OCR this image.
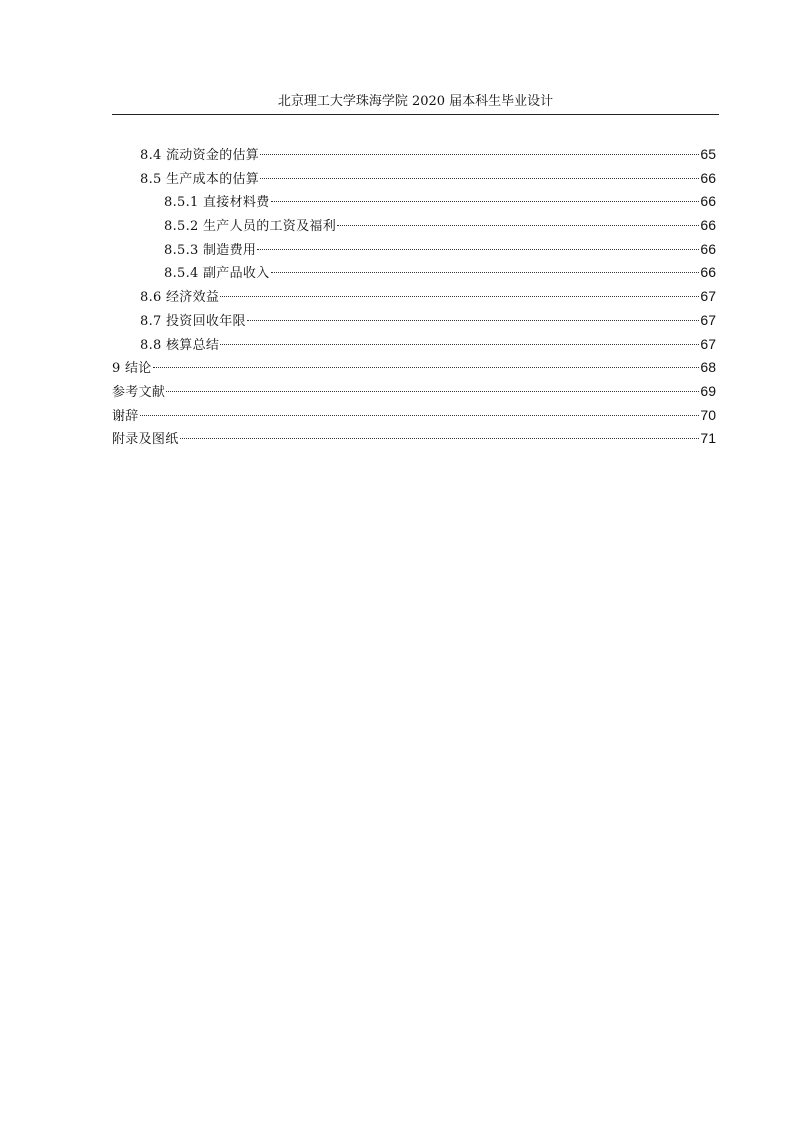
北京理工大学珠海学院 2020 届本科生毕业设计
8.4 流动资金的估算	65
8.5 生产成本的估算	66
8.5.1 直接材料费	66
8.5.2 生产人员的工资及福利	66
8.5.3 制造费用	66
8.5.4 副产品收入	66
8.6 经济效益	67
8.7 投资回收年限	67
8.8 核算总结	67
9 结论	68
参考文献	69
谢辞	70
附录及图纸	71
